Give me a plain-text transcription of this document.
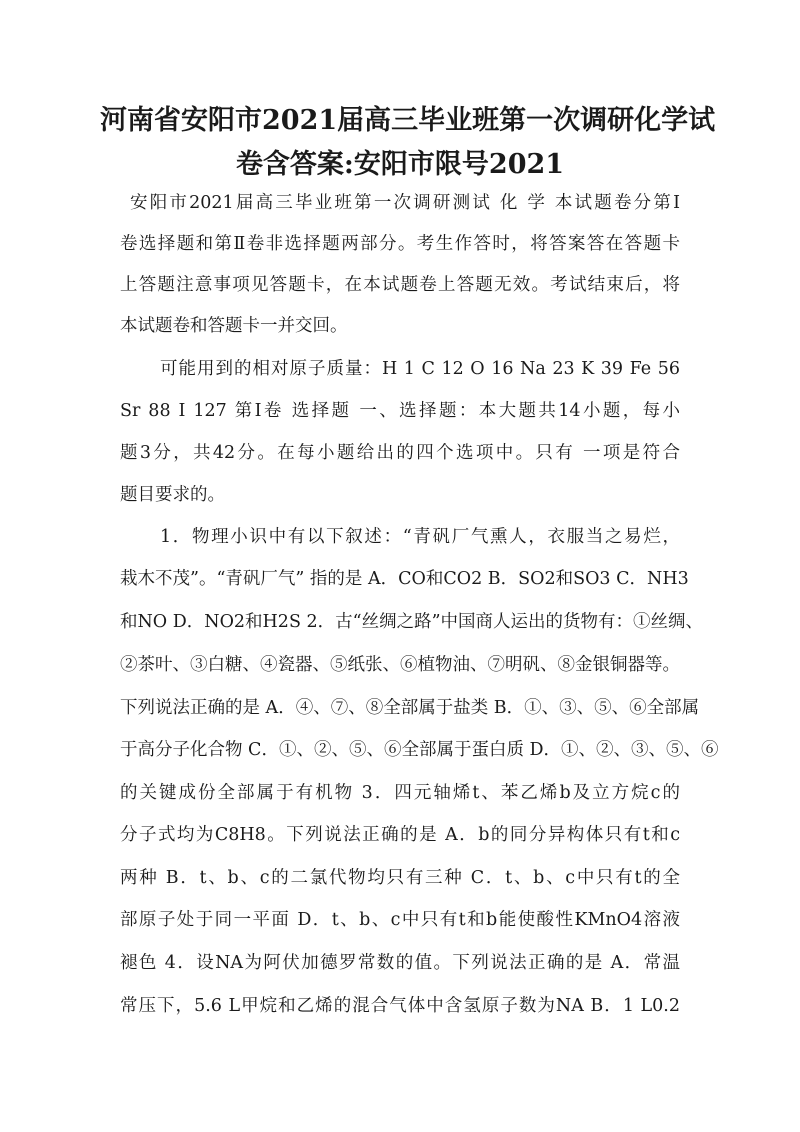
河南省安阳市2021届高三毕业班第一次调研化学试
卷含答案:安阳市限号2021

安阳市2021届高三毕业班第一次调研测试 化 学 本试题卷分第Ⅰ

卷选择题和第Ⅱ卷非选择题两部分。考生作答时，将答案答在答题卡

上答题注意事项见答题卡，在本试题卷上答题无效。考试结束后，将

本试题卷和答题卡一并交回。

可能用到的相对原子质量：H 1 C 12 O 16 Na 23 K 39 Fe 56

Sr 88 I 127 第Ⅰ卷 选择题 一、选择题：本大题共14小题，每小

题3分，共42分。在每小题给出的四个选项中。只有 一项是符合

题目要求的。

1．物理小识中有以下叙述：“青矾厂气熏人，衣服当之易烂，

栽木不茂”。“青矾厂气” 指的是 A．CO和CO2 B．SO2和SO3 C．NH3

和NO D．NO2和H2S 2．古“丝绸之路”中国商人运出的货物有：①丝绸、

②茶叶、③白糖、④瓷器、⑤纸张、⑥植物油、⑦明矾、⑧金银铜器等。

下列说法正确的是 A．④、⑦、⑧全部属于盐类 B．①、③、⑤、⑥全部属

于高分子化合物 C．①、②、⑤、⑥全部属于蛋白质 D．①、②、③、⑤、⑥

的关键成份全部属于有机物 3．四元轴烯t、苯乙烯b及立方烷c的

分子式均为C8H8。下列说法正确的是 A．b的同分异构体只有t和c

两种 B．t、b、c的二氯代物均只有三种 C．t、b、c中只有t的全

部原子处于同一平面 D．t、b、c中只有t和b能使酸性KMnO4溶液

褪色 4．设NA为阿伏加德罗常数的值。下列说法正确的是 A．常温

常压下，5.6 L甲烷和乙烯的混合气体中含氢原子数为NA B．1 L0.2
